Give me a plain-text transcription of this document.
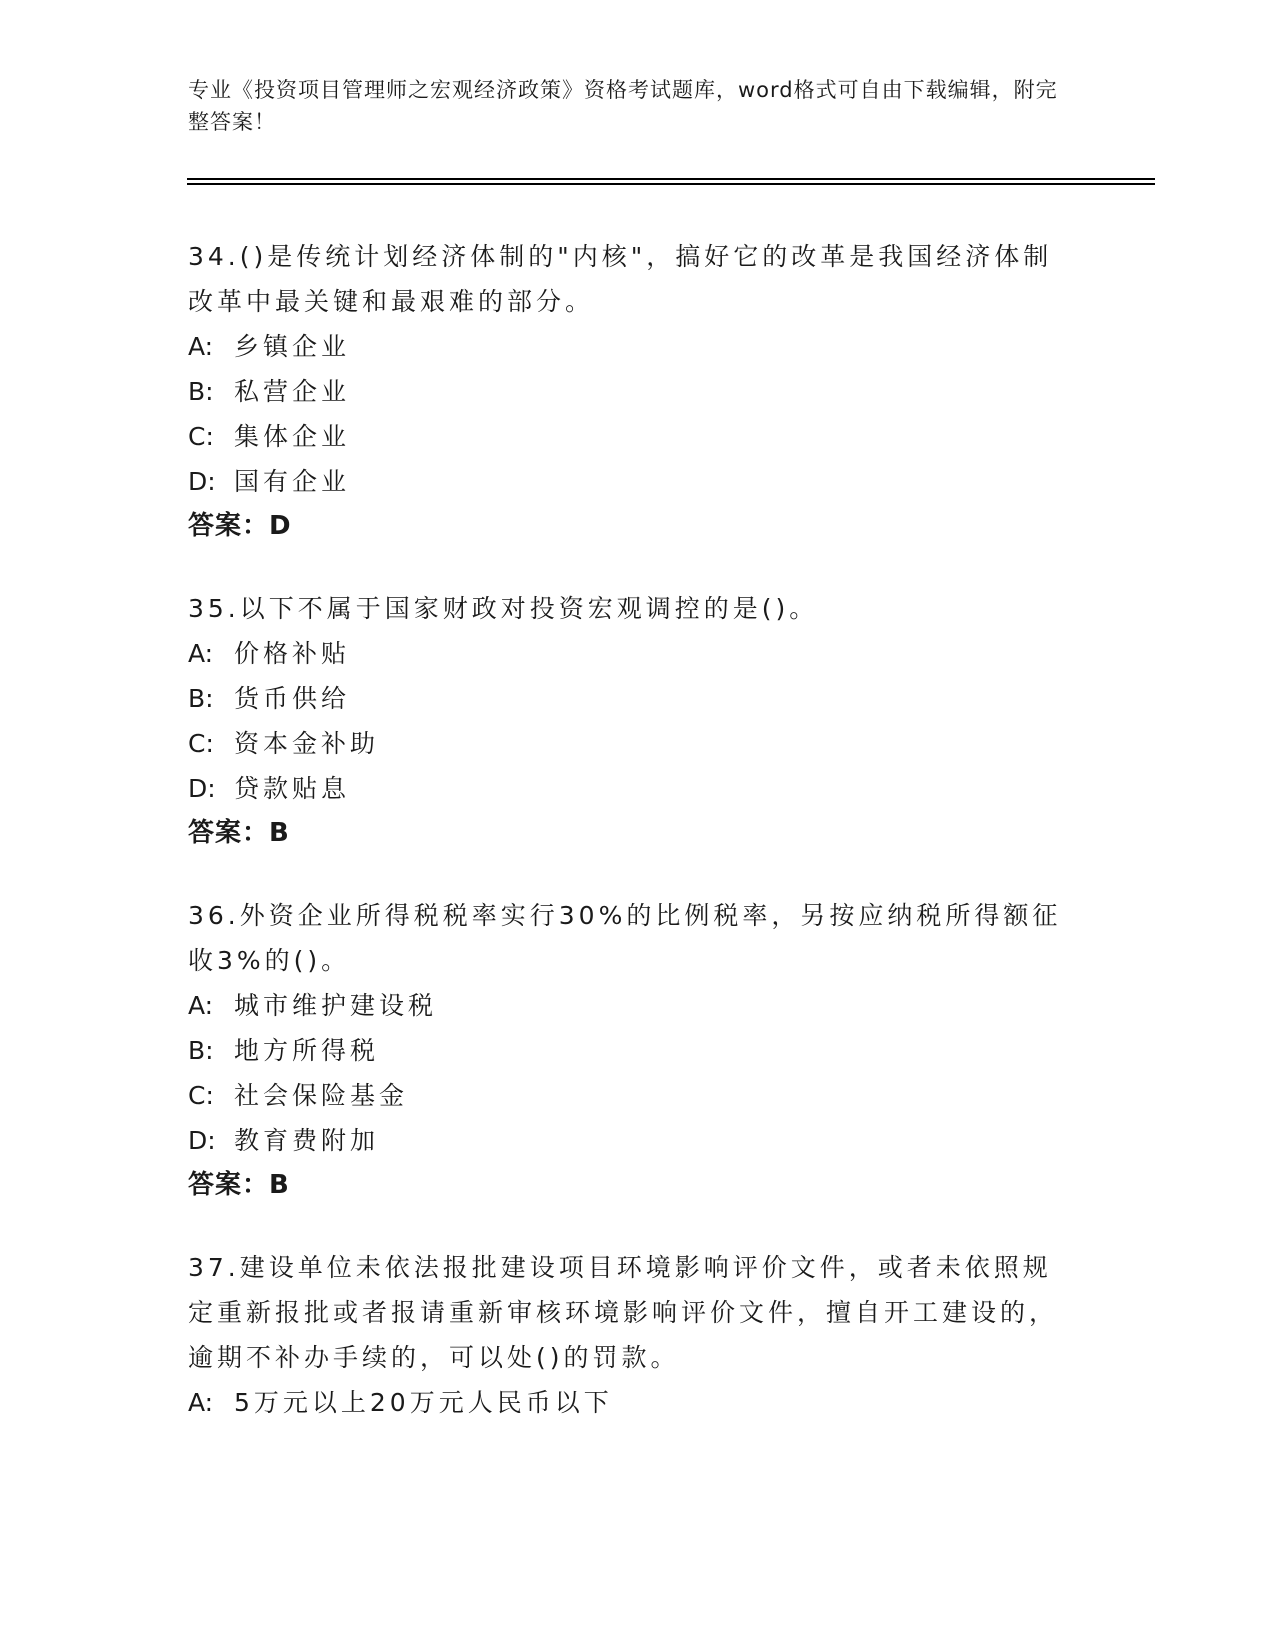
专业《投资项目管理师之宏观经济政策》资格考试题库，word格式可自由下载编辑，附完整答案！
34.()是传统计划经济体制的"内核"，搞好它的改革是我国经济体制改革中最关键和最艰难的部分。
A: 乡镇企业
B: 私营企业
C: 集体企业
D: 国有企业
答案：D
35.以下不属于国家财政对投资宏观调控的是()。
A: 价格补贴
B: 货币供给
C: 资本金补助
D: 贷款贴息
答案：B
36.外资企业所得税税率实行30%的比例税率，另按应纳税所得额征收3%的()。
A: 城市维护建设税
B: 地方所得税
C: 社会保险基金
D: 教育费附加
答案：B
37.建设单位未依法报批建设项目环境影响评价文件，或者未依照规定重新报批或者报请重新审核环境影响评价文件，擅自开工建设的，逾期不补办手续的，可以处()的罚款。
A: 5万元以上20万元人民币以下
